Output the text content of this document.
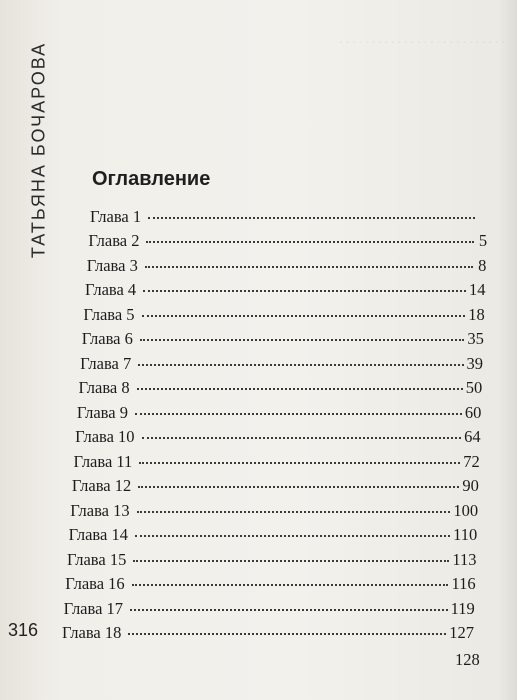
. . . . . . . . . . . . . . . . . . . . . . . . . .
ТАТЬЯНА БОЧАРОВА
316
Оглавление
Глава 1
Глава 2	5
Глава 3	8
Глава 4	14
Глава 5	18
Глава 6	35
Глава 7	39
Глава 8	50
Глава 9	60
Глава 10	64
Глава 11	72
Глава 12	90
Глава 13	100
Глава 14	110
Глава 15	113
Глава 16	116
Глава 17	119
Глава 18	127
128
